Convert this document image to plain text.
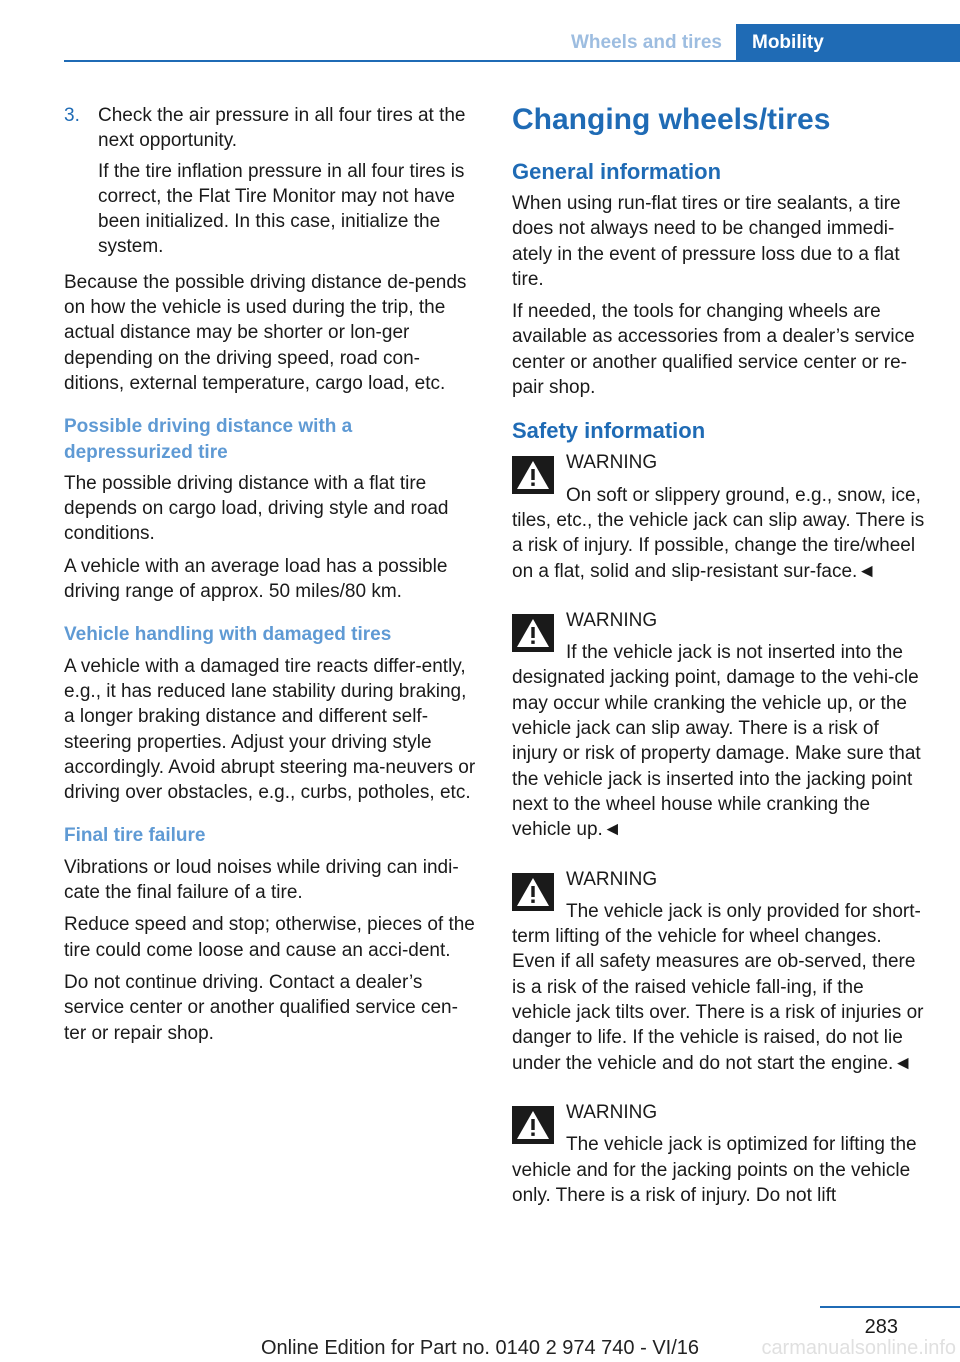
Wheels and tires	Mobility
3. Check the air pressure in all four tires at the next opportunity.

If the tire inflation pressure in all four tires is correct, the Flat Tire Monitor may not have been initialized. In this case, initialize the system.

Because the possible driving distance de-pends on how the vehicle is used during the trip, the actual distance may be shorter or lon-ger depending on the driving speed, road con-ditions, external temperature, cargo load, etc.

Possible driving distance with a depressurized tire

The possible driving distance with a flat tire depends on cargo load, driving style and road conditions.

A vehicle with an average load has a possible driving range of approx. 50 miles/80 km.

Vehicle handling with damaged tires

A vehicle with a damaged tire reacts differ-ently, e.g., it has reduced lane stability during braking, a longer braking distance and different self-steering properties. Adjust your driving style accordingly. Avoid abrupt steering ma-neuvers or driving over obstacles, e.g., curbs, potholes, etc.

Final tire failure

Vibrations or loud noises while driving can indi-cate the final failure of a tire.

Reduce speed and stop; otherwise, pieces of the tire could come loose and cause an acci-dent.

Do not continue driving. Contact a dealer’s service center or another qualified service cen-ter or repair shop.

Changing wheels/tires
General information

When using run-flat tires or tire sealants, a tire does not always need to be changed immedi-ately in the event of pressure loss due to a flat tire.

If needed, the tools for changing wheels are available as accessories from a dealer’s service center or another qualified service center or re-pair shop.

Safety information
WARNING

On soft or slippery ground, e.g., snow, ice, tiles, etc., the vehicle jack can slip away. There is a risk of injury. If possible, change the tire/wheel on a flat, solid and slip-resistant sur-face.◄

WARNING

If the vehicle jack is not inserted into the designated jacking point, damage to the vehi-cle may occur while cranking the vehicle up, or the vehicle jack can slip away. There is a risk of injury or risk of property damage. Make sure that the vehicle jack is inserted into the jacking point next to the wheel house while cranking the vehicle up.◄

WARNING

The vehicle jack is only provided for short-term lifting of the vehicle for wheel changes. Even if all safety measures are ob-served, there is a risk of the raised vehicle fall-ing, if the vehicle jack tilts over. There is a risk of injuries or danger to life. If the vehicle is raised, do not lie under the vehicle and do not start the engine.◄

WARNING

The vehicle jack is optimized for lifting the vehicle and for the jacking points on the vehicle only. There is a risk of injury. Do not lift

283
Online Edition for Part no. 0140 2 974 740 - VI/16	carmanualsonline.info
